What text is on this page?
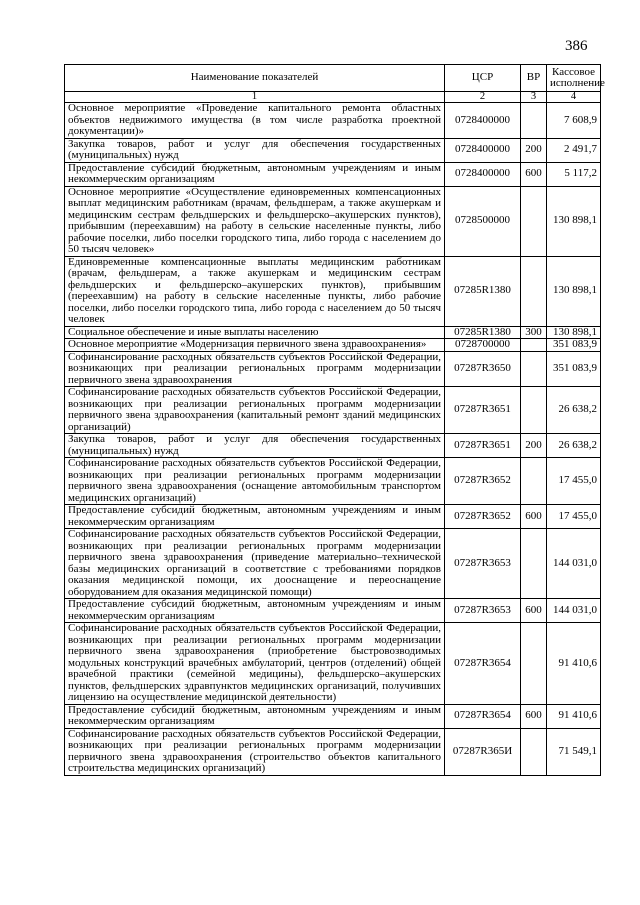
386
Наименование показателей	ЦСР	ВР	Кассовое исполнение
1	2	3	4
Основное мероприятие «Проведение капитального ремонта областных объектов недвижимого имущества (в том числе разработка проектной документации)»	0728400000		7 608,9
Закупка товаров, работ и услуг для обеспечения государственных (муниципальных) нужд	0728400000	200	2 491,7
Предоставление субсидий бюджетным, автономным учреждениям и иным некоммерческим организациям	0728400000	600	5 117,2
Основное мероприятие «Осуществление единовременных компенсационных выплат медицинским работникам (врачам, фельдшерам, а также акушеркам и медицинским сестрам фельдшерских и фельдшерско–акушерских пунктов), прибывшим (переехавшим) на работу в сельские населенные пункты, либо рабочие поселки, либо поселки городского типа, либо города с населением до 50 тысяч человек»	0728500000		130 898,1
Единовременные компенсационные выплаты медицинским работникам (врачам, фельдшерам, а также акушеркам и медицинским сестрам фельдшерских и фельдшерско–акушерских пунктов), прибывшим (переехавшим) на работу в сельские населенные пункты, либо рабочие поселки, либо поселки городского типа, либо города с населением до 50 тысяч человек	07285R1380		130 898,1
Социальное обеспечение и иные выплаты населению	07285R1380	300	130 898,1
Основное мероприятие «Модернизация первичного звена здравоохранения»	0728700000		351 083,9
Софинансирование расходных обязательств субъектов Российской Федерации, возникающих при реализации региональных программ модернизации первичного звена здравоохранения	07287R3650		351 083,9
Софинансирование расходных обязательств субъектов Российской Федерации, возникающих при реализации региональных программ модернизации первичного звена здравоохранения (капитальный ремонт зданий медицинских организаций)	07287R3651		26 638,2
Закупка товаров, работ и услуг для обеспечения государственных (муниципальных) нужд	07287R3651	200	26 638,2
Софинансирование расходных обязательств субъектов Российской Федерации, возникающих при реализации региональных программ модернизации первичного звена здравоохранения (оснащение автомобильным транспортом медицинских организаций)	07287R3652		17 455,0
Предоставление субсидий бюджетным, автономным учреждениям и иным некоммерческим организациям	07287R3652	600	17 455,0
Софинансирование расходных обязательств субъектов Российской Федерации, возникающих при реализации региональных программ модернизации первичного звена здравоохранения (приведение материально–технической базы медицинских организаций в соответствие с требованиями порядков оказания медицинской помощи, их дооснащение и переоснащение оборудованием для оказания медицинской помощи)	07287R3653		144 031,0
Предоставление субсидий бюджетным, автономным учреждениям и иным некоммерческим организациям	07287R3653	600	144 031,0
Софинансирование расходных обязательств субъектов Российской Федерации, возникающих при реализации региональных программ модернизации первичного звена здравоохранения (приобретение быстровозводимых модульных конструкций врачебных амбулаторий, центров (отделений) общей врачебной практики (семейной медицины), фельдшерско–акушерских пунктов, фельдшерских здравпунктов медицинских организаций, получивших лицензию на осуществление медицинской деятельности)	07287R3654		91 410,6
Предоставление субсидий бюджетным, автономным учреждениям и иным некоммерческим организациям	07287R3654	600	91 410,6
Софинансирование расходных обязательств субъектов Российской Федерации, возникающих при реализации региональных программ модернизации первичного звена здравоохранения (строительство объектов капитального строительства медицинских организаций)	07287R365И		71 549,1
